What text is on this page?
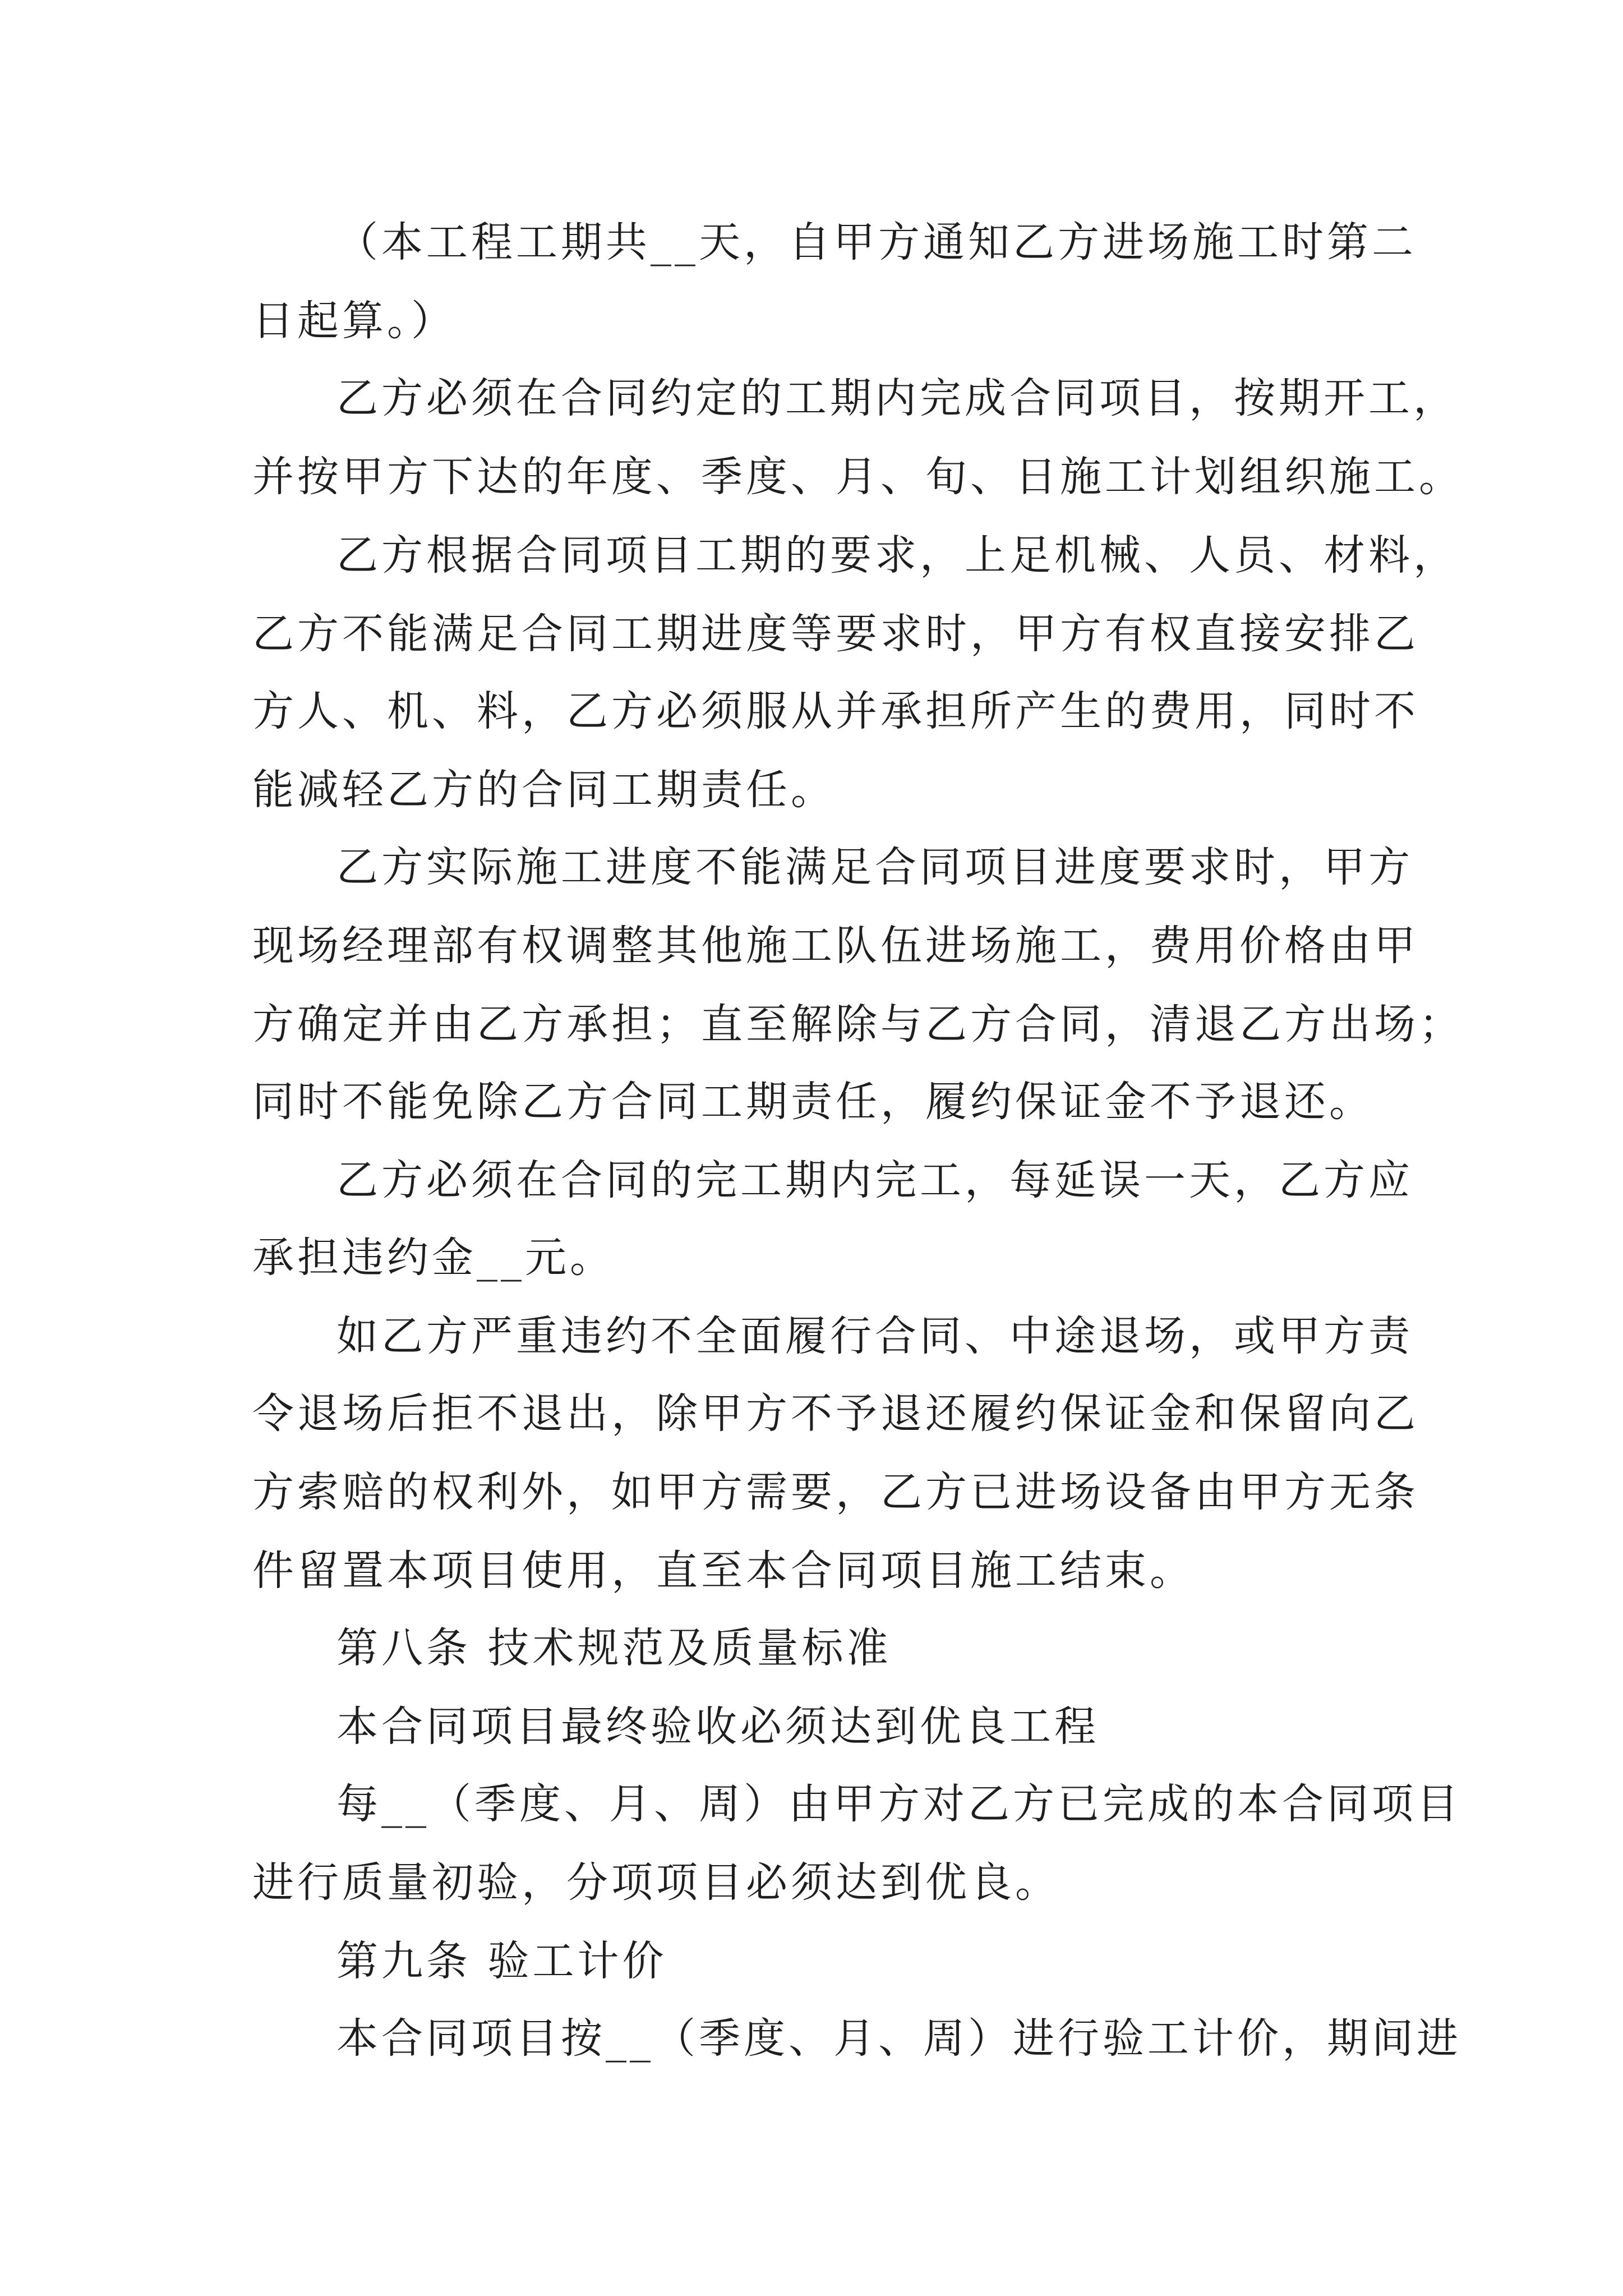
（本工程工期共__天，自甲方通知乙方进场施工时第二
日起算。）
乙方必须在合同约定的工期内完成合同项目，按期开工，
并按甲方下达的年度、季度、月、旬、日施工计划组织施工。
乙方根据合同项目工期的要求，上足机械、人员、材料，
乙方不能满足合同工期进度等要求时，甲方有权直接安排乙
方人、机、料，乙方必须服从并承担所产生的费用，同时不
能减轻乙方的合同工期责任。
乙方实际施工进度不能满足合同项目进度要求时，甲方
现场经理部有权调整其他施工队伍进场施工，费用价格由甲
方确定并由乙方承担；直至解除与乙方合同，清退乙方出场；
同时不能免除乙方合同工期责任，履约保证金不予退还。
乙方必须在合同的完工期内完工，每延误一天，乙方应
承担违约金__元。
如乙方严重违约不全面履行合同、中途退场，或甲方责
令退场后拒不退出，除甲方不予退还履约保证金和保留向乙
方索赔的权利外，如甲方需要，乙方已进场设备由甲方无条
件留置本项目使用，直至本合同项目施工结束。
第八条 技术规范及质量标准
本合同项目最终验收必须达到优良工程
每__（季度、月、周）由甲方对乙方已完成的本合同项目
进行质量初验，分项项目必须达到优良。
第九条 验工计价
本合同项目按__（季度、月、周）进行验工计价，期间进
